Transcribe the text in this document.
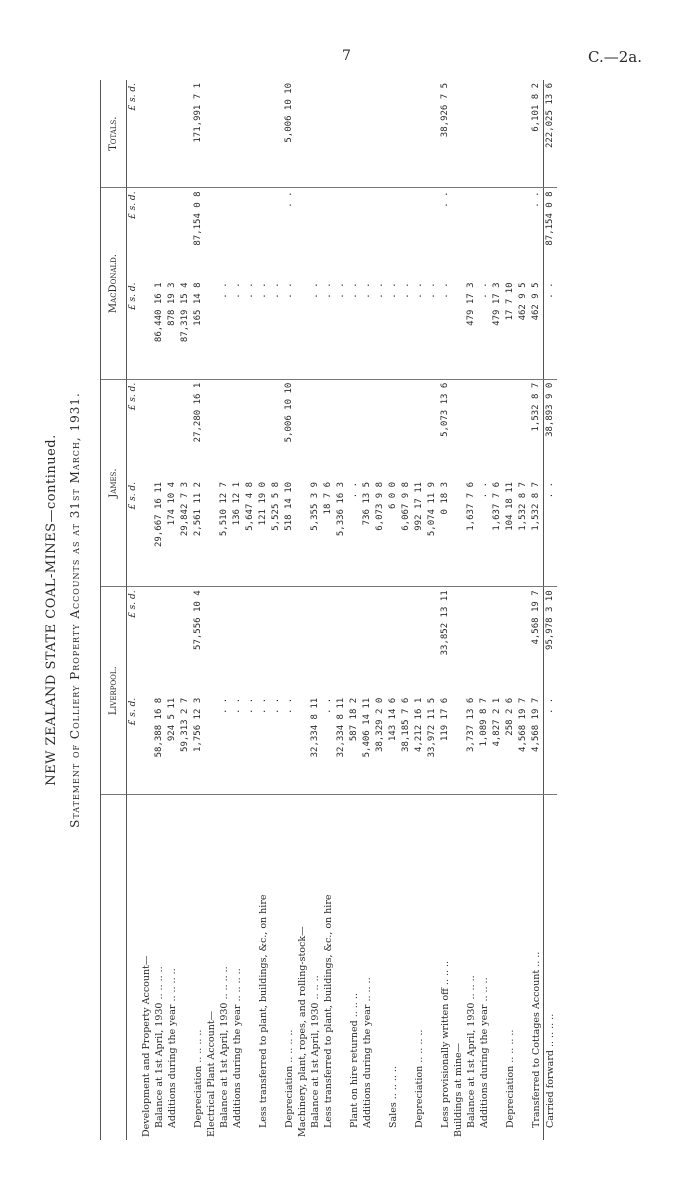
7	C.—2a.
NEW ZEALAND STATE COAL-MINES—continued. Statement of Colliery Property Accounts as at 31st March, 1931.
		Liverpool.		James.		MacDonald.		Totals.
	£ s. d.	£ s. d.	£ s. d.	£ s. d.	£ s. d.	£ s. d.	£ s. d.
Development and Property Account—							
Balance at 1st April, 1930 .. .. .. ..	58,388 16 8		29,667 16 11		86,440 16 1		
Additions during the year .. .. .. ..	924 5 11		174 10 4		878 19 3		
	59,313 2 7		29,842 7 3		87,319 15 4		
Depreciation .. .. .. ..	1,756 12 3	57,556 10 4	2,561 11 2	27,280 16 1	165 14 8	87,154 0 8	171,991 7 1
Electrical Plant Account—							
Balance at 1st April, 1930 .. .. .. ..	. .		5,510 12 7		. .		
Additions during the year .. .. .. ..	. .		136 12 1		. .		
	. .		5,647 4 8		. .		
Less transferred to plant, buildings, &c., on hire	. .		121 19 0		. .		
	. .		5,525 5 8		. .		
Depreciation .. .. .. ..	. .		518 14 10	5,006 10 10	. .	. .	5,006 10 10
Machinery, plant, ropes, and rolling-stock—							
Balance at 1st April, 1930 .. .. ..	32,334 8 11		5,355 3 9		. .		
Less transferred to plant, buildings, &c., on hire	. .		18 7 6		. .		
	32,334 8 11		5,336 16 3		. .		
Plant on hire returned .. .. ..	587 18 2		. .		. .		
Additions during the year .. .. ..	5,406 14 11		736 13 5		. .		
	38,329 2 0		6,073 9 8		. .		
Sales .. .. .. ..	143 14 6		6 0 0		. .		
	38,185 7 6		6,067 9 8		. .		
Depreciation .. .. .. ..	4,212 16 1		992 17 11		. .		
	33,972 11 5		5,074 11 9		. .		
Less provisionally written off .. .. ..	119 17 6	33,852 13 11	0 18 3	5,073 13 6	. .	. .	38,926 7 5
Buildings at mine—							
Balance at 1st April, 1930 .. .. ..	3,737 13 6		1,637 7 6		479 17 3		
Additions during the year .. .. ..	1,089 8 7		. .		. .		
	4,827 2 1		1,637 7 6		479 17 3		
Depreciation .. .. .. ..	258 2 6		104 18 11		17 7 10		
	4,568 19 7		1,532 8 7		462 9 5		
Transferred to Cottages Account .. ..	4,568 19 7	4,568 19 7	1,532 8 7	1,532 8 7	462 9 5	. .	6,101 8 2
Carried forward .. .. .. ..	. .	95,978 3 10	. .	38,893 9 0	. .	87,154 0 8	222,025 13 6
